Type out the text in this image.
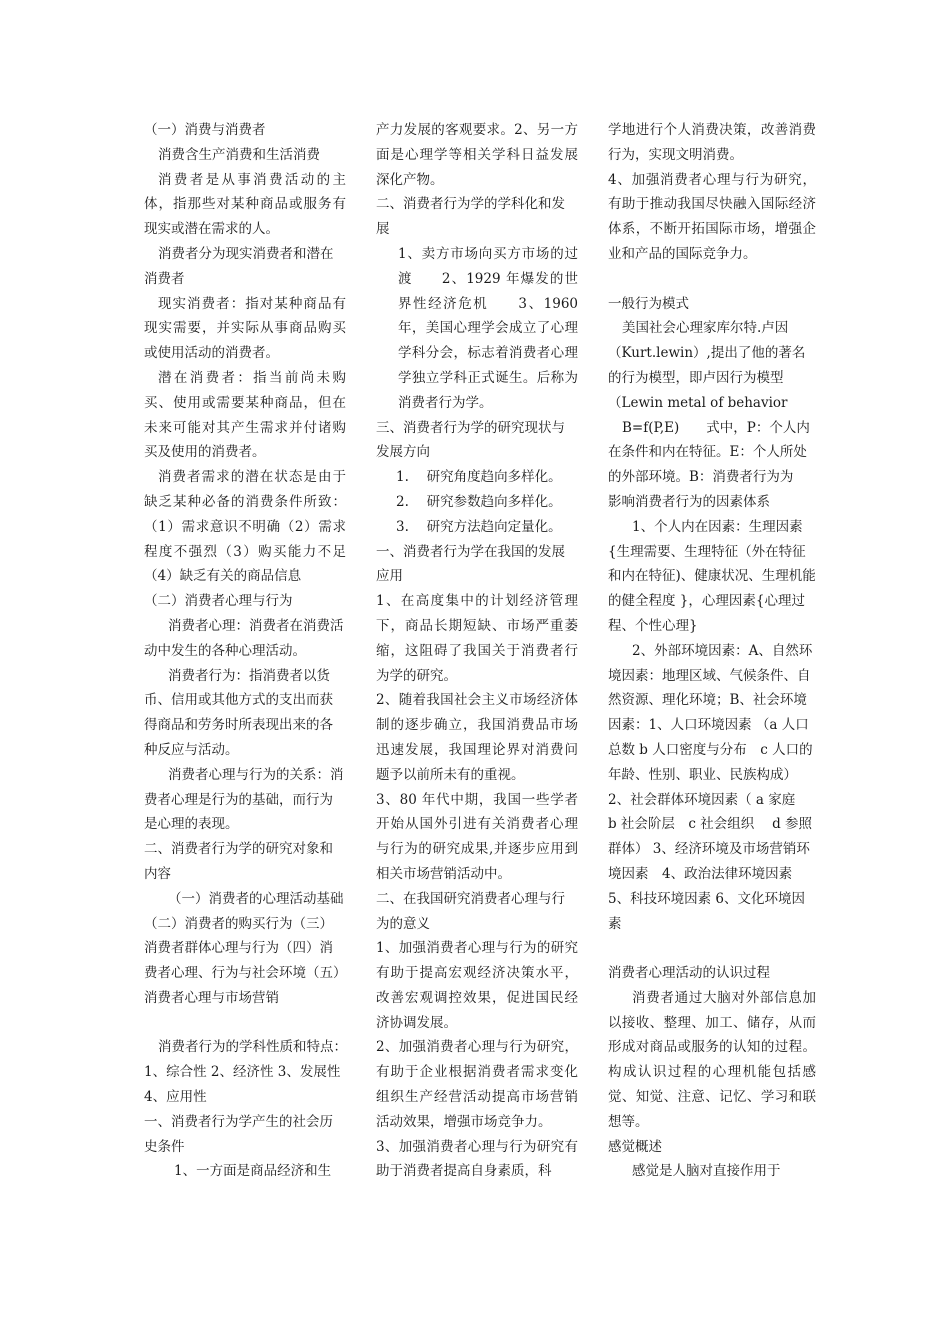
（一）消费与消费者

消费含生产消费和生活消费

消费者是从事消费活动的主体，指那些对某种商品或服务有现实或潜在需求的人。

消费者分为现实消费者和潜在消费者

现实消费者：指对某种商品有现实需要，并实际从事商品购买或使用活动的消费者。

潜在消费者：指当前尚未购买、使用或需要某种商品，但在未来可能对其产生需求并付诸购买及使用的消费者。

消费者需求的潜在状态是由于缺乏某种必备的消费条件所致：（1）需求意识不明确（2）需求程度不强烈（3）购买能力不足（4）缺乏有关的商品信息

（二）消费者心理与行为

消费者心理：消费者在消费活动中发生的各种心理活动。

消费者行为：指消费者以货币、信用或其他方式的支出而获得商品和劳务时所表现出来的各种反应与活动。

消费者心理与行为的关系：消费者心理是行为的基础，而行为是心理的表现。

二、消费者行为学的研究对象和内容

（一）消费者的心理活动基础（二）消费者的购买行为（三）消费者群体心理与行为（四）消费者心理、行为与社会环境（五）消费者心理与市场营销

消费者行为的学科性质和特点：　1、综合性 2、经济性 3、发展性 4、应用性

一、消费者行为学产生的社会历史条件

1、一方面是商品经济和生

产力发展的客观要求。2、另一方面是心理学等相关学科日益发展深化产物。

二、消费者行为学的学科化和发展

1、卖方市场向买方市场的过渡　　2、1929 年爆发的世界性经济危机　　3、1960 年，美国心理学会成立了心理学科分会，标志着消费者心理学独立学科正式诞生。后称为消费者行为学。

三、消费者行为学的研究现状与发展方向

1.　 研究角度趋向多样化。

2.　 研究参数趋向多样化。

3.　 研究方法趋向定量化。

一、消费者行为学在我国的发展应用

1、在高度集中的计划经济管理下，商品长期短缺、市场严重萎缩，这阻碍了我国关于消费者行为学的研究。

2、随着我国社会主义市场经济体制的逐步确立，我国消费品市场迅速发展，我国理论界对消费问题予以前所未有的重视。

3、80 年代中期，我国一些学者开始从国外引进有关消费者心理与行为的研究成果,并逐步应用到相关市场营销活动中。

二、在我国研究消费者心理与行为的意义

1、加强消费者心理与行为的研究有助于提高宏观经济决策水平，改善宏观调控效果，促进国民经济协调发展。

2、加强消费者心理与行为研究，有助于企业根据消费者需求变化组织生产经营活动提高市场营销活动效果，增强市场竞争力。

3、加强消费者心理与行为研究有助于消费者提高自身素质，科

学地进行个人消费决策，改善消费行为，实现文明消费。

4、加强消费者心理与行为研究，有助于推动我国尽快融入国际经济体系，不断开拓国际市场，增强企业和产品的国际竞争力。

一般行为模式

美国社会心理家库尔特.卢因（Kurt.lewin）,提出了他的著名的行为模型，即卢因行为模型（Lewin metal of behavior

B=f(P,E)　　式中，P：个人内在条件和内在特征。E：个人所处的外部环境。B：消费者行为为

影响消费者行为的因素体系

1、个人内在因素：生理因素{生理需要、生理特征（外在特征和内在特征)、健康状况、生理机能的健全程度 }，心理因素{心理过程、个性心理}

2、外部环境因素：A、自然环境因素：地理区域、气候条件、自然资源、理化环境；B、社会环境因素：1、人口环境因素 （a 人口总数 b 人口密度与分布　c 人口的年龄、性别、职业、民族构成）　 2、社会群体环境因素（ a 家庭　b 社会阶层　c 社会组织　 d 参照群体） 3、经济环境及市场营销环境因素　4、政治法律环境因素　　 5、科技环境因素 6、文化环境因素

消费者心理活动的认识过程

消费者通过大脑对外部信息加以接收、整理、加工、储存，从而形成对商品或服务的认知的过程。构成认识过程的心理机能包括感觉、知觉、注意、记忆、学习和联想等。

感觉概述

感觉是人脑对直接作用于
